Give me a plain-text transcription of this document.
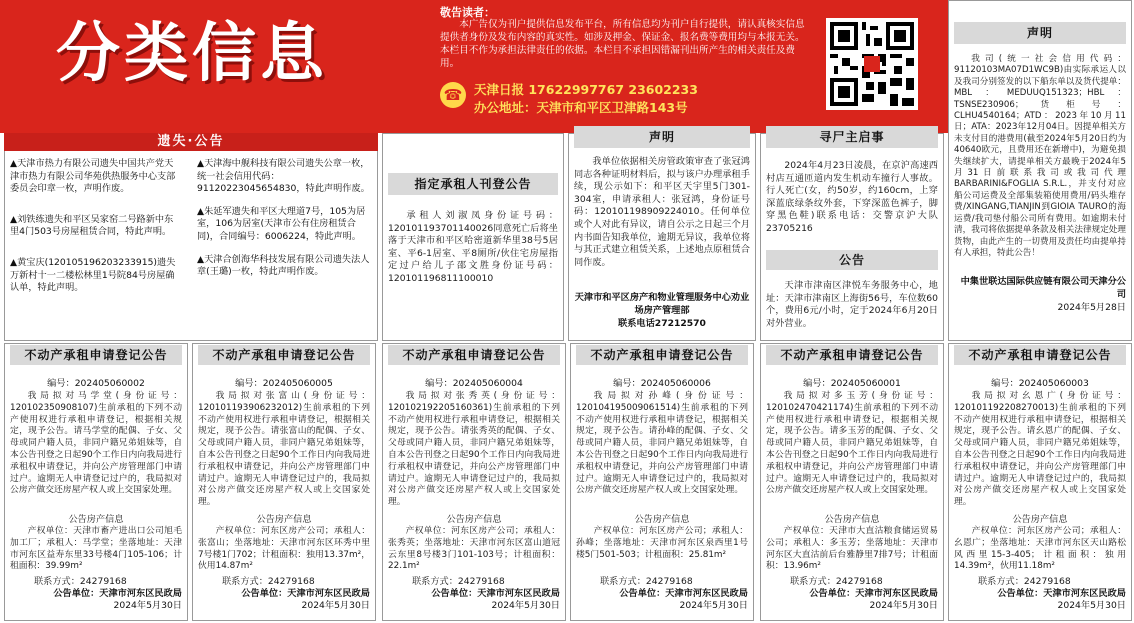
分类信息
敬告读者：
本广告仅为刊户提供信息发布平台，所有信息均为刊户自行提供，请认真核实信息提供者身份及发布内容的真实性。如涉及押金、保证金、报名费等费用均与本报无关。本栏目不作为承担法律责任的依据。本栏目不承担因错漏刊出所产生的相关责任及费用。
☎ 天津日报 17622997767 23602233
办公地址：天津市和平区卫津路143号
遗失·公告
▲天津市热力有限公司遗失中国共产党天津市热力有限公司华苑供热服务中心支部委员会印章一枚，声明作废。
▲刘铁练遗失和平区吴家窑二号路新中东里4门503号房屋租赁合同，特此声明。
▲黄宝庆(12010519620323391​5)遗失万新村十一二楼松林里1号院84号房屋确认单，特此声明。
▲天津海中舰科技有限公司遗失公章一枚，统一社会信用代码：91120223045654830，特此声明作废。
▲朱延军遗失和平区大理道7号，105为居室，106为居室(天津市公有住房租赁合同)，合同编号：6006224，特此声明。
▲天津合创海华科技发展有限公司遗失法人章(王璐)一枚，特此声明作废。
指定承租人刊登公告
承租人刘淑凤身份证号码：120101193701140026同意死亡后将坐落于天津市和平区哈密道新华里38号5居室、平6-1居室、平8厕所/伙住宅房屋指定过户给儿子邵文胜身份证号码：120101196811100010
声明
我单位依据相关房管政策审查了张冠鸿同志各种证明材料后，拟与该户办理承租手续，现公示如下：和平区天宇里5门301-304室，申请承租人：张冠鸿，身份证号码：120101198909224010。任何单位或个人对此有异议，请自公示之日起三个月内书面告知我单位，逾期无异议，我单位将与其正式建立租赁关系，上述地点原租赁合同作废。
天津市和平区房产和物业管理服务中心劝业场房产管理部
联系电话27212570
寻尸主启事
2024年4月23日凌晨，在京沪高速西村店互通匝道内发生机动车撞行人事故。行人死亡(女，约50岁，约160cm，上穿深蓝底绿条纹外套，下穿深蓝色裤子，脚穿黑色鞋)联系电话：交警京沪大队23705216
公告
天津市津南区津悦车务服务中心，地址：天津市津南区上海街56号，车位数60个，费用6元/小时，定于2024年6月20日对外营业。
声明
我司(统一社会信用代码：91120103MA07D1WC9B)由实际承运人以及我司分别签发的以下船东单以及货代提单：MBL：MEDUUQ151323；HBL：TSNSE230906；货柜号：CLHU4540164；ATD：2023年10月11日；ATA：2023年12月04日。因提单相关方未支付目的港费用(截至2024年5月20日约为40640欧元，且费用还在新增中)，为避免损失继续扩大，请提单相关方最晚于2024年5月31日前联系我司或我司代理BARBARINI&FOGLIA S.R.L.，并支付对应船公司运费及全部集装箱使用费用/码头堆存费/XINGANG,TIANJIN到GIOIA TAURO的海运费/我司垫付船公司所有费用。如逾期未付清，我司将依据提单条款及相关法律规定处理货物，由此产生的一切费用及责任均由提单持有人承担，特此公告！
中集世联达国际供应链有限公司天津分公司
2024年5月28日
不动产承租申请登记公告
编号：202405060002
我局拟对马学堂(身份证号：120102350908107)生前承租的下列不动产使用权进行承租申请登记，根据相关规定，现予公告。请马学堂的配偶、子女、父母或同户籍人员，非同户籍兄弟姐妹等，自本公告刊登之日起90个工作日内向我局进行承租权申请登记，并向公产房管理部门申请过户。逾期无人申请登记过户的，我局拟对公房产做交还房屋产权人或上交国家处理。
公告房产信息
产权单位：天津市畜产进出口公司旭毛加工厂；承租人：马学堂；坐落地址：天津市河东区益寿东里33号楼4门105-106；计租面积：39.99m²
联系方式：24279168
公告单位：天津市河东区民政局
2024年5月30日
不动产承租申请登记公告
编号：202405060005
我局拟对张富山(身份证号：120101193906232012)生前承租的下列不动产使用权进行承租申请登记，根据相关规定，现予公告。请张富山的配偶、子女、父母或同户籍人员，非同户籍兄弟姐妹等，自本公告刊登之日起90个工作日内向我局进行承租权申请登记，并向公产房管理部门申请过户。逾期无人申请登记过户的，我局拟对公房产做交还房屋产权人或上交国家处理。
公告房产信息
产权单位：河东区房产公司；承租人：张富山；坐落地址：天津市河东区环秀中里7号楼1门702；计租面积：独用13.37m²，伙用14.87m²
联系方式：24279168
公告单位：天津市河东区民政局
2024年5月30日
不动产承租申请登记公告
编号：202405060004
我局拟对张秀英(身份证号：120102192205160361)生前承租的下列不动产使用权进行承租申请登记，根据相关规定，现予公告。请张秀英的配偶、子女、父母或同户籍人员，非同户籍兄弟姐妹等，自本公告刊登之日起90个工作日内向我局进行承租权申请登记，并向公产房管理部门申请过户。逾期无人申请登记过户的，我局拟对公房产做交还房屋产权人或上交国家处理。
公告房产信息
产权单位：河东区房产公司；承租人：张秀英；坐落地址：天津市河东区富山道冠云东里8号楼3门101-103号；计租面积：22.1m²
联系方式：24279168
公告单位：天津市河东区民政局
2024年5月30日
不动产承租申请登记公告
编号：202405060006
我局拟对孙峰(身份证号：120104195009061514)生前承租的下列不动产使用权进行承租申请登记，根据相关规定，现予公告。请孙峰的配偶、子女、父母或同户籍人员，非同户籍兄弟姐妹等，自本公告刊登之日起90个工作日内向我局进行承租权申请登记，并向公产房管理部门申请过户。逾期无人申请登记过户的，我局拟对公房产做交还房屋产权人或上交国家处理。
公告房产信息
产权单位：河东区房产公司；承租人：孙峰；坐落地址：天津市河东区泉西里1号楼5门501-503；计租面积：25.81m²
联系方式：24279168
公告单位：天津市河东区民政局
2024年5月30日
不动产承租申请登记公告
编号：202405060001
我局拟对多玉芳(身份证号：120102470421174)生前承租的下列不动产使用权进行承租申请登记，根据相关规定，现予公告。请多玉芳的配偶、子女、父母或同户籍人员，非同户籍兄弟姐妹等，自本公告刊登之日起90个工作日内向我局进行承租权申请登记，并向公产房管理部门申请过户。逾期无人申请登记过户的，我局拟对公房产做交还房屋产权人或上交国家处理。
公告房产信息
产权单位：天津市大直沽粮食储运贸易公司；承租人：多玉芳；坐落地址：天津市河东区大直沽前后台雅静里7排7号；计租面积：13.96m²
联系方式：24279168
公告单位：天津市河东区民政局
2024年5月30日
不动产承租申请登记公告
编号：202405060003
我局拟对幺恩广(身份证号：120101192208270013)生前承租的下列不动产使用权进行承租申请登记，根据相关规定，现予公告。请幺恩广的配偶、子女、父母或同户籍人员，非同户籍兄弟姐妹等，自本公告刊登之日起90个工作日内向我局进行承租权申请登记，并向公产房管理部门申请过户。逾期无人申请登记过户的，我局拟对公房产做交还房屋产权人或上交国家处理。
公告房产信息
产权单位：河东区房产公司；承租人：幺恩广；坐落地址：天津市河东区天山路松风西里15-3-405；计租面积：独用14.39m²，伙用11.18m²
联系方式：24279168
公告单位：天津市河东区民政局
2024年5月30日
